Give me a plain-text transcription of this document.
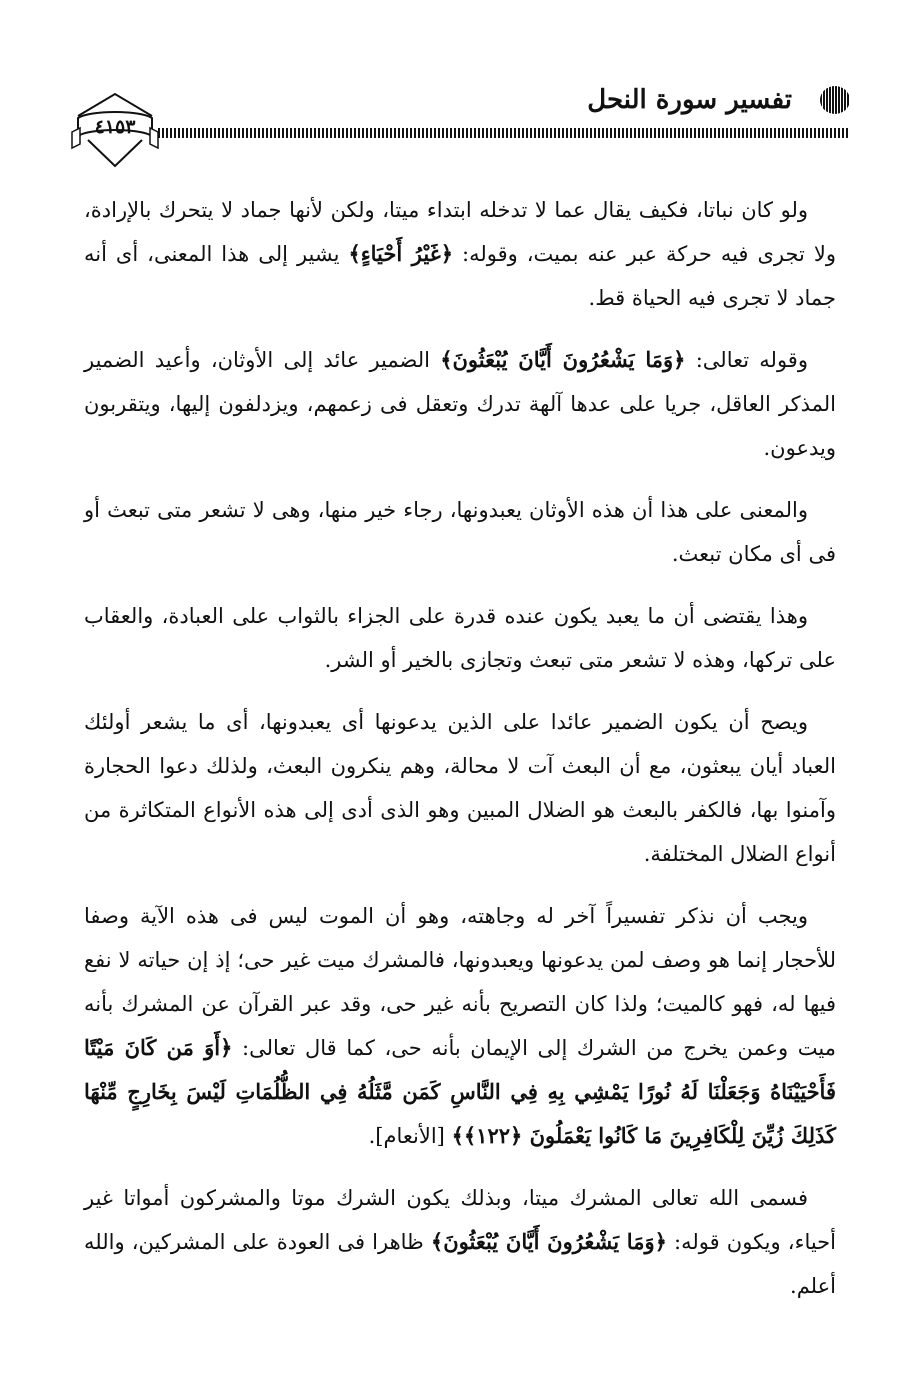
تفسير سورة النحل
٤١٥٣

ولو كان نباتا، فكيف يقال عما لا تدخله ابتداء ميتا، ولكن لأنها جماد لا يتحرك بالإرادة، ولا تجرى فيه حركة عبر عنه بميت، وقوله: ﴿غَيْرُ أَحْيَاءٍ﴾ يشير إلى هذا المعنى، أى أنه جماد لا تجرى فيه الحياة قط.

وقوله تعالى: ﴿وَمَا يَشْعُرُونَ أَيَّانَ يُبْعَثُونَ﴾ الضمير عائد إلى الأوثان، وأعيد الضمير المذكر العاقل، جريا على عدها آلهة تدرك وتعقل فى زعمهم، ويزدلفون إليها، ويتقربون ويدعون.

والمعنى على هذا أن هذه الأوثان يعبدونها، رجاء خير منها، وهى لا تشعر متى تبعث أو فى أى مكان تبعث.

وهذا يقتضى أن ما يعبد يكون عنده قدرة على الجزاء بالثواب على العبادة، والعقاب على تركها، وهذه لا تشعر متى تبعث وتجازى بالخير أو الشر.

ويصح أن يكون الضمير عائدا على الذين يدعونها أى يعبدونها، أى ما يشعر أولئك العباد أيان يبعثون، مع أن البعث آت لا محالة، وهم ينكرون البعث، ولذلك دعوا الحجارة وآمنوا بها، فالكفر بالبعث هو الضلال المبين وهو الذى أدى إلى هذه الأنواع المتكاثرة من أنواع الضلال المختلفة.

ويجب أن نذكر تفسيراً آخر له وجاهته، وهو أن الموت ليس فى هذه الآية وصفا للأحجار إنما هو وصف لمن يدعونها ويعبدونها، فالمشرك ميت غير حى؛ إذ إن حياته لا نفع فيها له، فهو كالميت؛ ولذا كان التصريح بأنه غير حى، وقد عبر القرآن عن المشرك بأنه ميت وعمن يخرج من الشرك إلى الإيمان بأنه حى، كما قال تعالى: ﴿أَوَ مَن كَانَ مَيْتًا فَأَحْيَيْنَاهُ وَجَعَلْنَا لَهُ نُورًا يَمْشِي بِهِ فِي النَّاسِ كَمَن مَّثَلُهُ فِي الظُّلُمَاتِ لَيْسَ بِخَارِجٍ مِّنْهَا كَذَلِكَ زُيِّنَ لِلْكَافِرِينَ مَا كَانُوا يَعْمَلُونَ ﴿١٢٢﴾﴾ [الأنعام].

فسمى الله تعالى المشرك ميتا، وبذلك يكون الشرك موتا والمشركون أمواتا غير أحياء، ويكون قوله: ﴿وَمَا يَشْعُرُونَ أَيَّانَ يُبْعَثُونَ﴾ ظاهرا فى العودة على المشركين، والله أعلم.
